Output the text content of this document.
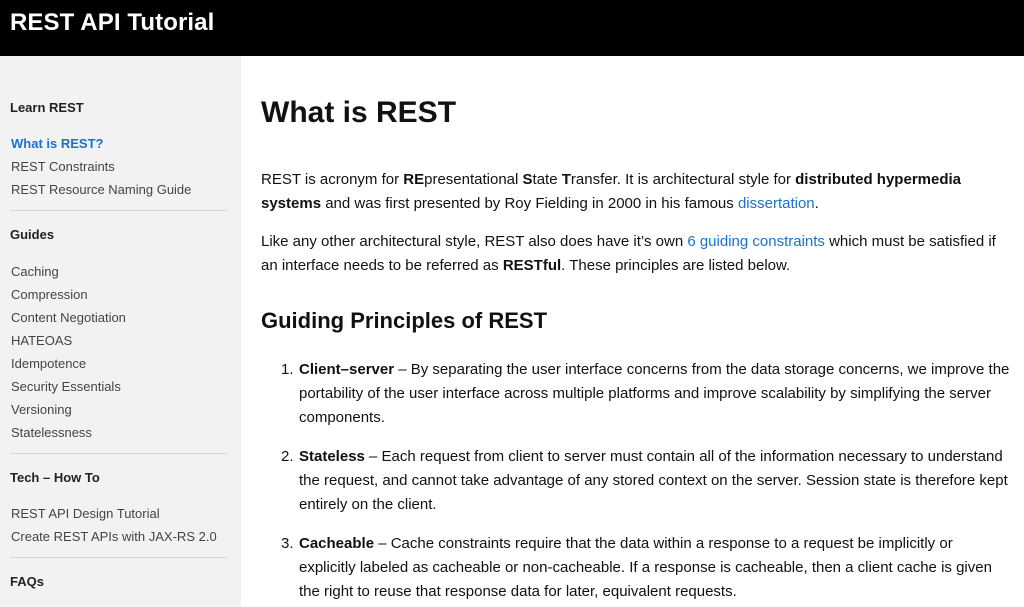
REST API Tutorial
Learn REST
What is REST?
REST Constraints
REST Resource Naming Guide
Guides
Caching
Compression
Content Negotiation
HATEOAS
Idempotence
Security Essentials
Versioning
Statelessness
Tech – How To
REST API Design Tutorial
Create REST APIs with JAX-RS 2.0
FAQs
What is REST

REST is acronym for REpresentational State Transfer. It is architectural style for distributed hypermedia systems and was first presented by Roy Fielding in 2000 in his famous dissertation.

Like any other architectural style, REST also does have it’s own 6 guiding constraints which must be satisfied if an interface needs to be referred as RESTful. These principles are listed below.

Guiding Principles of REST
1. Client–server – By separating the user interface concerns from the data storage concerns, we improve the portability of the user interface across multiple platforms and improve scalability by simplifying the server components.

2. Stateless – Each request from client to server must contain all of the information necessary to understand the request, and cannot take advantage of any stored context on the server. Session state is therefore kept entirely on the client.

3. Cacheable – Cache constraints require that the data within a response to a request be implicitly or explicitly labeled as cacheable or non-cacheable. If a response is cacheable, then a client cache is given the right to reuse that response data for later, equivalent requests.
